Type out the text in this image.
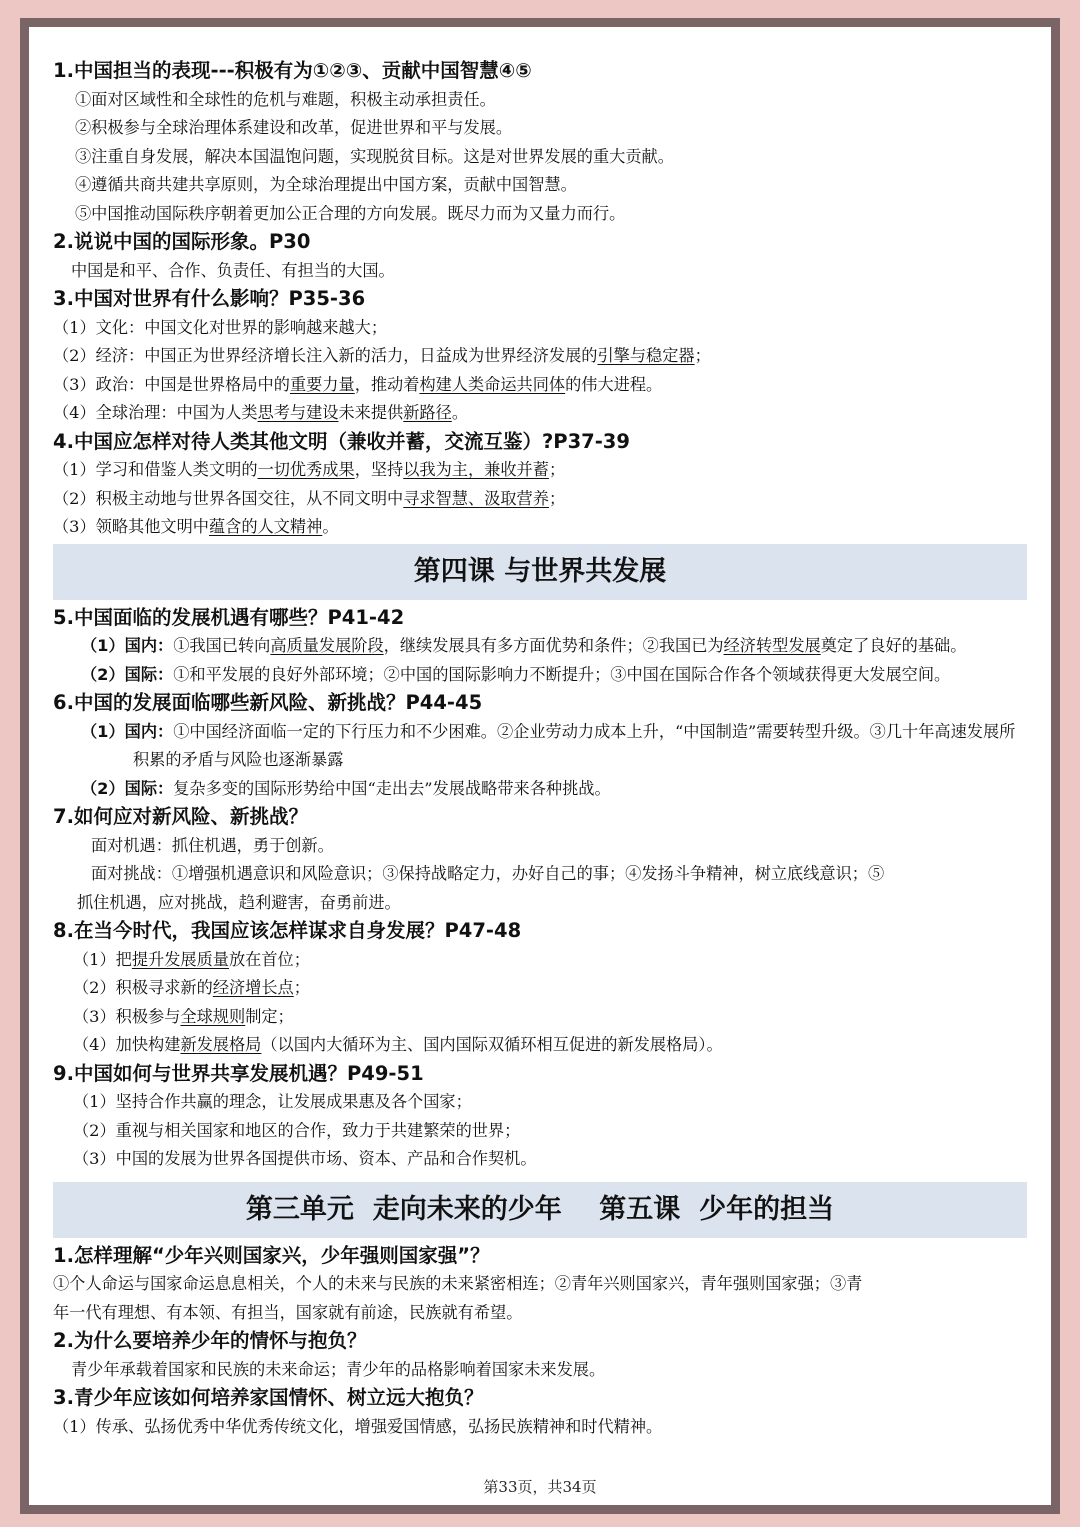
1.中国担当的表现---积极有为①②③、贡献中国智慧④⑤
①面对区域性和全球性的危机与难题，积极主动承担责任。
②积极参与全球治理体系建设和改革，促进世界和平与发展。
③注重自身发展，解决本国温饱问题，实现脱贫目标。这是对世界发展的重大贡献。
④遵循共商共建共享原则，为全球治理提出中国方案，贡献中国智慧。
⑤中国推动国际秩序朝着更加公正合理的方向发展。既尽力而为又量力而行。
2.说说中国的国际形象。P30
中国是和平、合作、负责任、有担当的大国。
3.中国对世界有什么影响？P35-36
（1）文化：中国文化对世界的影响越来越大；
（2）经济：中国正为世界经济增长注入新的活力，日益成为世界经济发展的引擎与稳定器；
（3）政治：中国是世界格局中的重要力量，推动着构建人类命运共同体的伟大进程。
（4）全球治理：中国为人类思考与建设未来提供新路径。
4.中国应怎样对待人类其他文明（兼收并蓄，交流互鉴）?P37-39
（1）学习和借鉴人类文明的一切优秀成果，坚持以我为主，兼收并蓄；
（2）积极主动地与世界各国交往，从不同文明中寻求智慧、汲取营养；
（3）领略其他文明中蕴含的人文精神。
第四课 与世界共发展
5.中国面临的发展机遇有哪些？P41-42
（1）国内：①我国已转向高质量发展阶段，继续发展具有多方面优势和条件；②我国已为经济转型发展奠定了良好的基础。
（2）国际：①和平发展的良好外部环境；②中国的国际影响力不断提升；③中国在国际合作各个领域获得更大发展空间。
6.中国的发展面临哪些新风险、新挑战？P44-45
（1）国内：①中国经济面临一定的下行压力和不少困难。②企业劳动力成本上升，“中国制造”需要转型升级。③几十年高速发展所积累的矛盾与风险也逐渐暴露
（2）国际：复杂多变的国际形势给中国“走出去”发展战略带来各种挑战。
7.如何应对新风险、新挑战？
面对机遇：抓住机遇，勇于创新。
面对挑战：①增强机遇意识和风险意识；③保持战略定力，办好自己的事；④发扬斗争精神，树立底线意识；⑤
抓住机遇，应对挑战，趋利避害，奋勇前进。
8.在当今时代，我国应该怎样谋求自身发展？P47-48
（1）把提升发展质量放在首位；
（2）积极寻求新的经济增长点；
（3）积极参与全球规则制定；
（4）加快构建新发展格局（以国内大循环为主、国内国际双循环相互促进的新发展格局）。
9.中国如何与世界共享发展机遇？P49-51
（1）坚持合作共赢的理念，让发展成果惠及各个国家；
（2）重视与相关国家和地区的合作，致力于共建繁荣的世界；
（3）中国的发展为世界各国提供市场、资本、产品和合作契机。
第三单元  走向未来的少年    第五课  少年的担当
1.怎样理解“少年兴则国家兴，少年强则国家强”？
①个人命运与国家命运息息相关，个人的未来与民族的未来紧密相连；②青年兴则国家兴，青年强则国家强；③青
年一代有理想、有本领、有担当，国家就有前途，民族就有希望。
2.为什么要培养少年的情怀与抱负？
青少年承载着国家和民族的未来命运；青少年的品格影响着国家未来发展。
3.青少年应该如何培养家国情怀、树立远大抱负？
（1）传承、弘扬优秀中华优秀传统文化，增强爱国情感，弘扬民族精神和时代精神。
第33页，共34页
